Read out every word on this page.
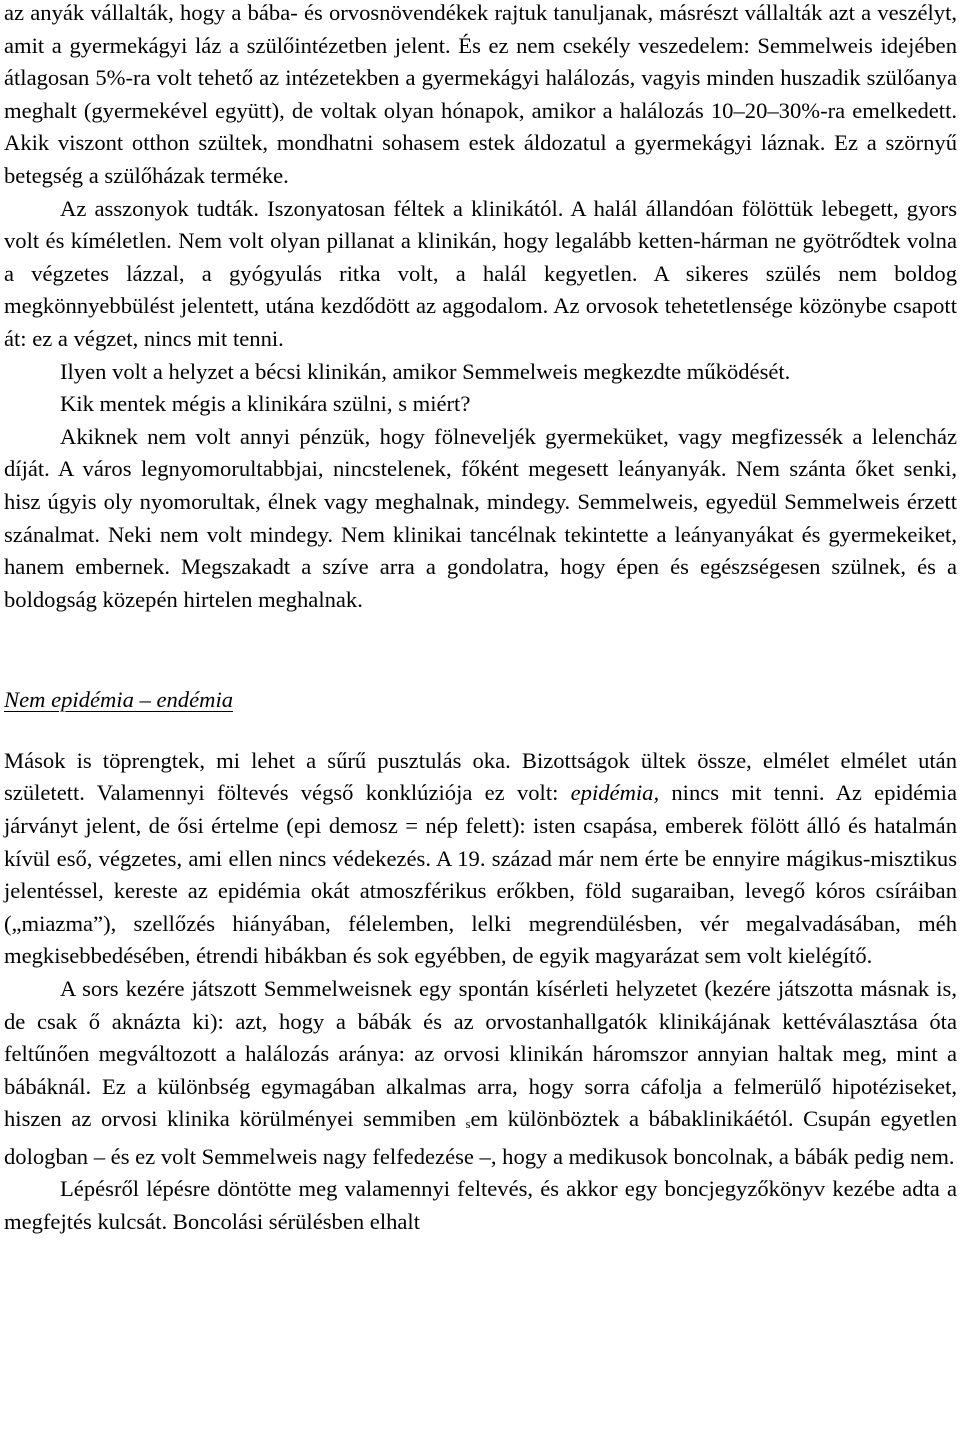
az anyák vállalták, hogy a bába- és orvosnövendékek rajtuk tanuljanak, másrészt vállalták azt a veszélyt, amit a gyermekágyi láz a szülőintézetben jelent. És ez nem csekély veszedelem: Semmelweis idejében átlagosan 5%-ra volt tehető az intézetekben a gyermekágyi halálozás, vagyis minden huszadik szülőanya meghalt (gyermekével együtt), de voltak olyan hónapok, amikor a halálozás 10–20–30%-ra emelkedett. Akik viszont otthon szültek, mondhatni sohasem estek áldozatul a gyermekágyi láznak. Ez a szörnyű betegség a szülőházak terméke.

Az asszonyok tudták. Iszonyatosan féltek a klinikától. A halál állandóan fölöttük lebegett, gyors volt és kíméletlen. Nem volt olyan pillanat a klinikán, hogy legalább ketten-hárman ne gyötrődtek volna a végzetes lázzal, a gyógyulás ritka volt, a halál kegyetlen. A sikeres szülés nem boldog megkönnyebbülést jelentett, utána kezdődött az aggodalom. Az orvosok tehetetlensége közönybe csapott át: ez a végzet, nincs mit tenni.

Ilyen volt a helyzet a bécsi klinikán, amikor Semmelweis megkezdte működését.

Kik mentek mégis a klinikára szülni, s miért?

Akiknek nem volt annyi pénzük, hogy fölneveljék gyermeküket, vagy megfizessék a lelencház díját. A város legnyomorultabbjai, nincstelenek, főként megesett leányanyák. Nem szánta őket senki, hisz úgyis oly nyomorultak, élnek vagy meghalnak, mindegy. Semmelweis, egyedül Semmelweis érzett szánalmat. Neki nem volt mindegy. Nem klinikai tancélnak tekintette a leányanyákat és gyermekeiket, hanem embernek. Megszakadt a szíve arra a gondolatra, hogy épen és egészségesen szülnek, és a boldogság közepén hirtelen meghalnak.

Nem epidémia – endémia

Mások is töprengtek, mi lehet a sűrű pusztulás oka. Bizottságok ültek össze, elmélet elmélet után született. Valamennyi föltevés végső konklúziója ez volt: epidémia, nincs mit tenni. Az epidémia járványt jelent, de ősi értelme (epi demosz = nép felett): isten csapása, emberek fölött álló és hatalmán kívül eső, végzetes, ami ellen nincs védekezés. A 19. század már nem érte be ennyire mágikus-misztikus jelentéssel, kereste az epidémia okát atmoszférikus erőkben, föld sugaraiban, levegő kóros csíráiban („miazma”), szellőzés hiányában, félelemben, lelki megrendülésben, vér megalvadásában, méh megkisebbedésében, étrendi hibákban és sok egyébben, de egyik magyarázat sem volt kielégítő.

A sors kezére játszott Semmelweisnek egy spontán kísérleti helyzetet (kezére játszotta másnak is, de csak ő aknázta ki): azt, hogy a bábák és az orvostanhallgatók klinikájának kettéválasztása óta feltűnően megváltozott a halálozás aránya: az orvosi klinikán háromszor annyian haltak meg, mint a bábáknál. Ez a különbség egymagában alkalmas arra, hogy sorra cáfolja a felmerülő hipotéziseket, hiszen az orvosi klinika körülményei semmiben sem különböztek a bábaklinikáétól. Csupán egyetlen dologban – és ez volt Semmelweis nagy felfedezése –, hogy a medikusok boncolnak, a bábák pedig nem.

Lépésről lépésre döntötte meg valamennyi feltevés, és akkor egy boncjegyzőkönyv kezébe adta a megfejtés kulcsát. Boncolási sérülésben elhalt
